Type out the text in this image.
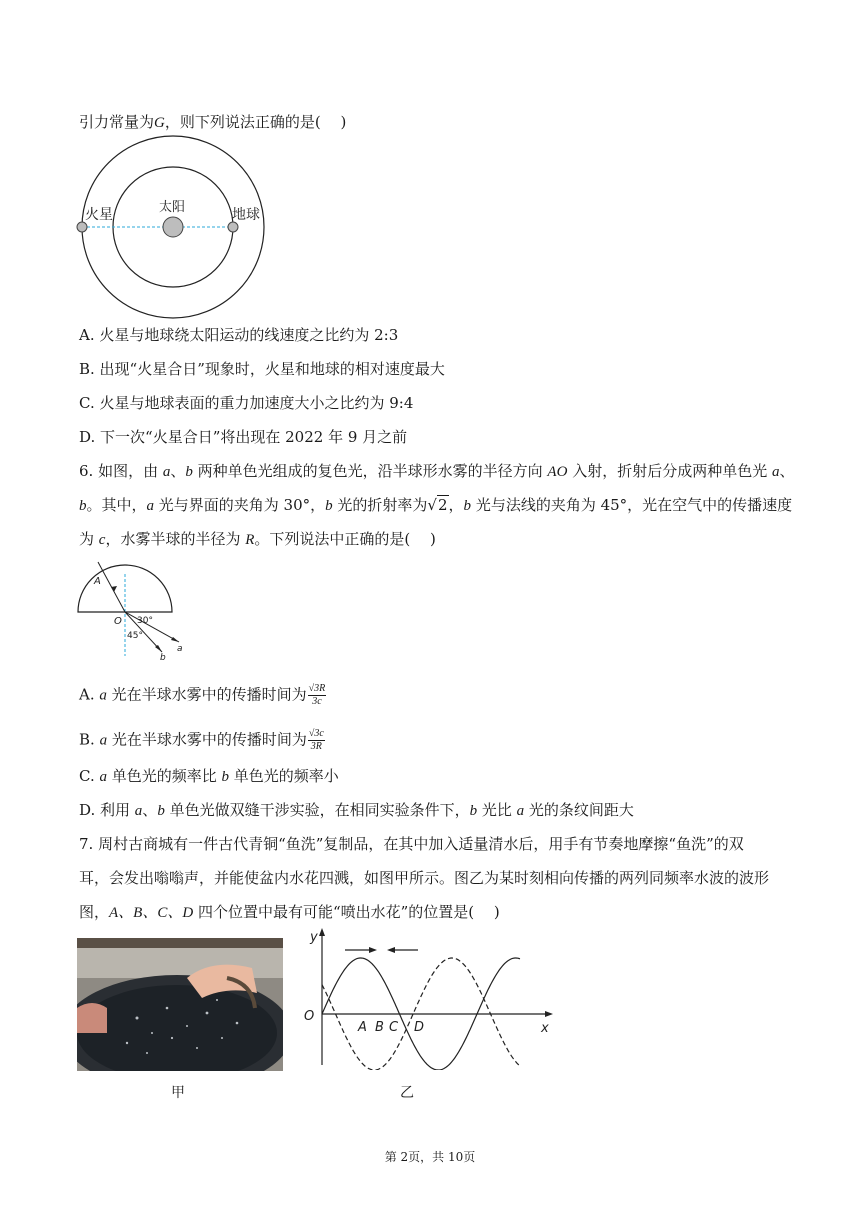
引力常量为G，则下列说法正确的是(　 )
火星	太阳	地球
A. 火星与地球绕太阳运动的线速度之比约为 2:3
B. 出现“火星合日”现象时，火星和地球的相对速度最大
C. 火星与地球表面的重力加速度大小之比约为 9:4
D. 下一次“火星合日”将出现在 2022 年 9 月之前
6. 如图，由 a、b 两种单色光组成的复色光，沿半球形水雾的半径方向 AO 入射，折射后分成两种单色光 a、
b。其中，a 光与界面的夹角为 30°，b 光的折射率为√2，b 光与法线的夹角为 45°，光在空气中的传播速度
为 c，水雾半球的半径为 R。下列说法中正确的是(　 )
A
O 30°
45°
a
b
A. a 光在半球水雾中的传播时间为 $\frac{√3R}{3c}$
B. a 光在半球水雾中的传播时间为 $\frac{√3c}{3R}$
C. a 单色光的频率比 b 单色光的频率小
D. 利用 a、b 单色光做双缝干涉实验，在相同实验条件下，b 光比 a 光的条纹间距大
7. 周村古商城有一件古代青铜“鱼洗”复制品，在其中加入适量清水后，用手有节奏地摩擦“鱼洗”的双
耳，会发出嗡嗡声，并能使盆内水花四溅，如图甲所示。图乙为某时刻相向传播的两列同频率水波的波形
图，A、B、C、D 四个位置中最有可能“喷出水花”的位置是(　 )
甲
y
x
O
A B C D
乙
第 2页，共 10页
